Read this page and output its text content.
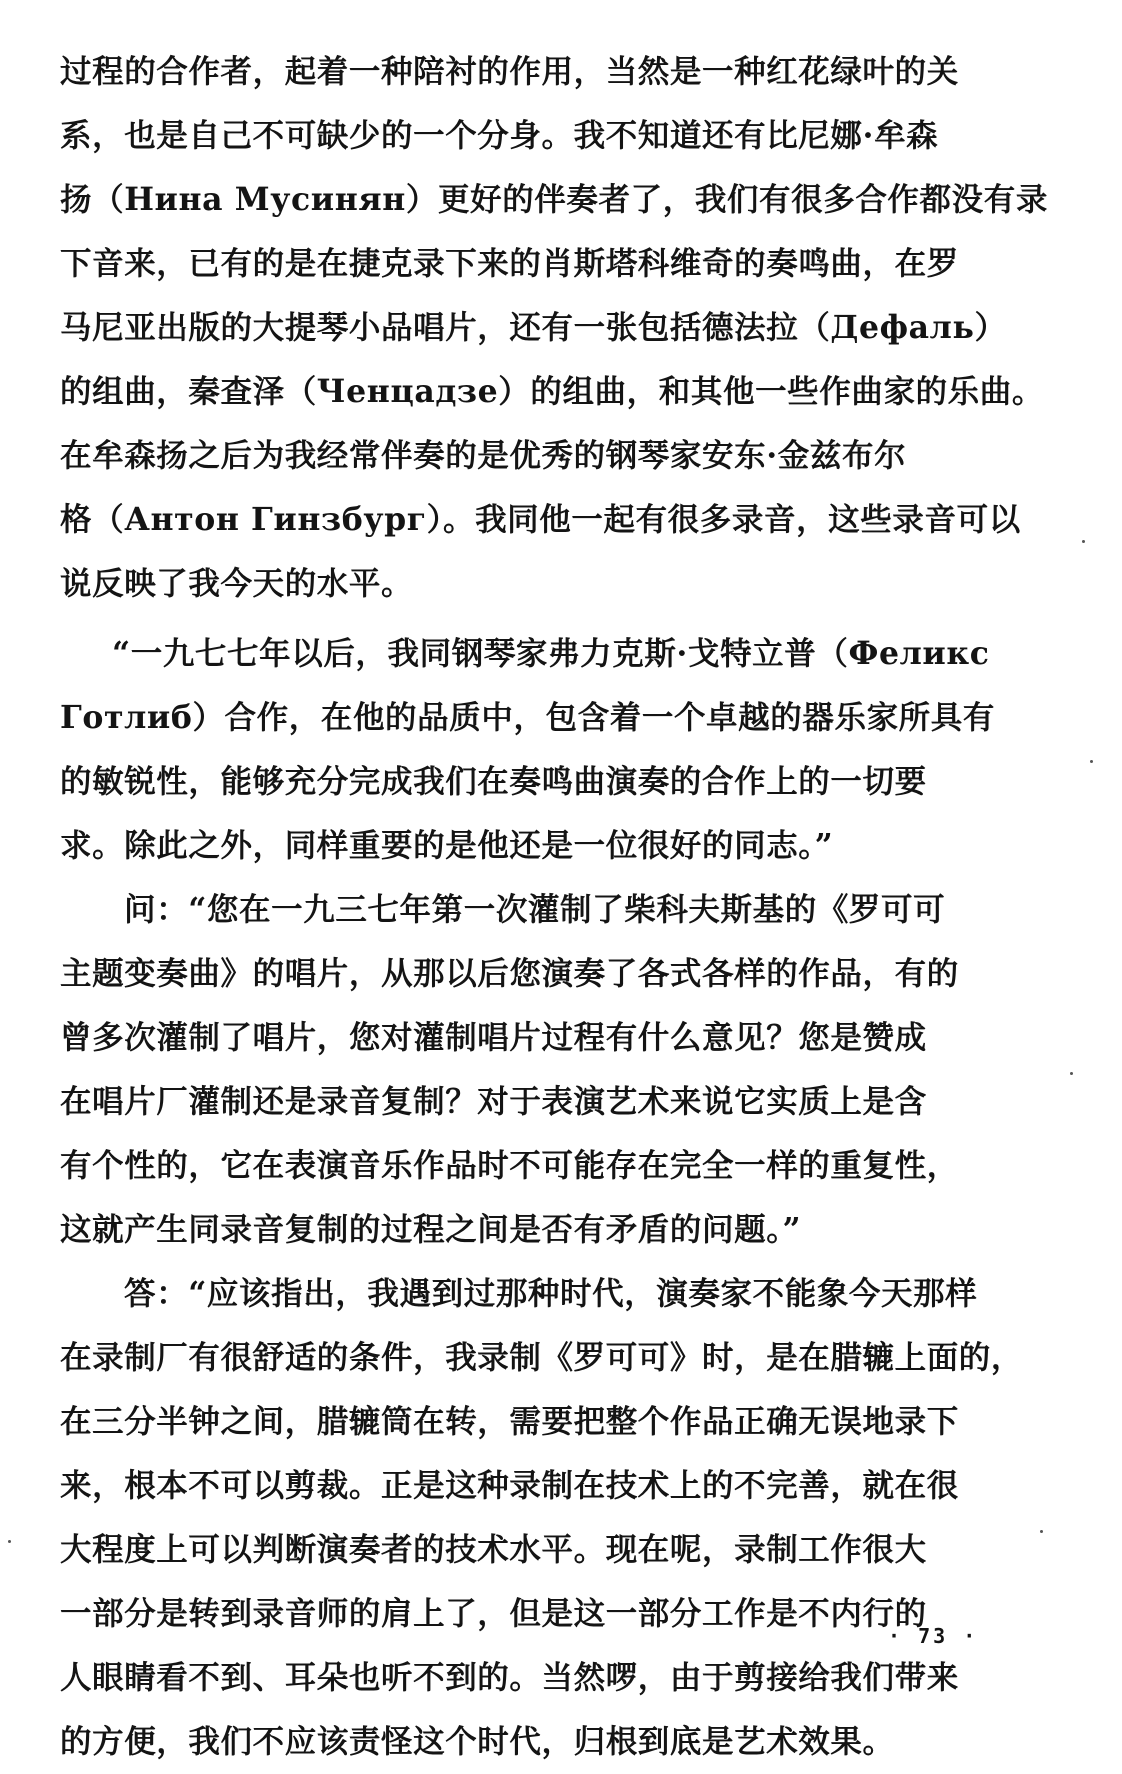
过程的合作者，起着一种陪衬的作用，当然是一种红花绿叶的关
系，也是自己不可缺少的一个分身。我不知道还有比尼娜·牟森
扬（Нина Мусинян）更好的伴奏者了，我们有很多合作都没有录
下音来，已有的是在捷克录下来的肖斯塔科维奇的奏鸣曲，在罗
马尼亚出版的大提琴小品唱片，还有一张包括德法拉（Дефаль）
的组曲，秦查泽（Ченцадзе）的组曲，和其他一些作曲家的乐曲。
在牟森扬之后为我经常伴奏的是优秀的钢琴家安东·金兹布尔
格（Антон Гинзбург）。我同他一起有很多录音，这些录音可以
说反映了我今天的水平。
“一九七七年以后，我同钢琴家弗力克斯·戈特立普（Феликс
Готлиб）合作，在他的品质中，包含着一个卓越的器乐家所具有
的敏锐性，能够充分完成我们在奏鸣曲演奏的合作上的一切要
求。除此之外，同样重要的是他还是一位很好的同志。”
问：“您在一九三七年第一次灌制了柴科夫斯基的《罗可可
主题变奏曲》的唱片，从那以后您演奏了各式各样的作品，有的
曾多次灌制了唱片，您对灌制唱片过程有什么意见？您是赞成
在唱片厂灌制还是录音复制？对于表演艺术来说它实质上是含
有个性的，它在表演音乐作品时不可能存在完全一样的重复性，
这就产生同录音复制的过程之间是否有矛盾的问题。”
答：“应该指出，我遇到过那种时代，演奏家不能象今天那样
在录制厂有很舒适的条件，我录制《罗可可》时，是在腊辘上面的，
在三分半钟之间，腊辘筒在转，需要把整个作品正确无误地录下
来，根本不可以剪裁。正是这种录制在技术上的不完善，就在很
大程度上可以判断演奏者的技术水平。现在呢，录制工作很大
一部分是转到录音师的肩上了，但是这一部分工作是不内行的
人眼睛看不到、耳朵也听不到的。当然啰，由于剪接给我们带来
的方便，我们不应该责怪这个时代，归根到底是艺术效果。
· 73 ·
